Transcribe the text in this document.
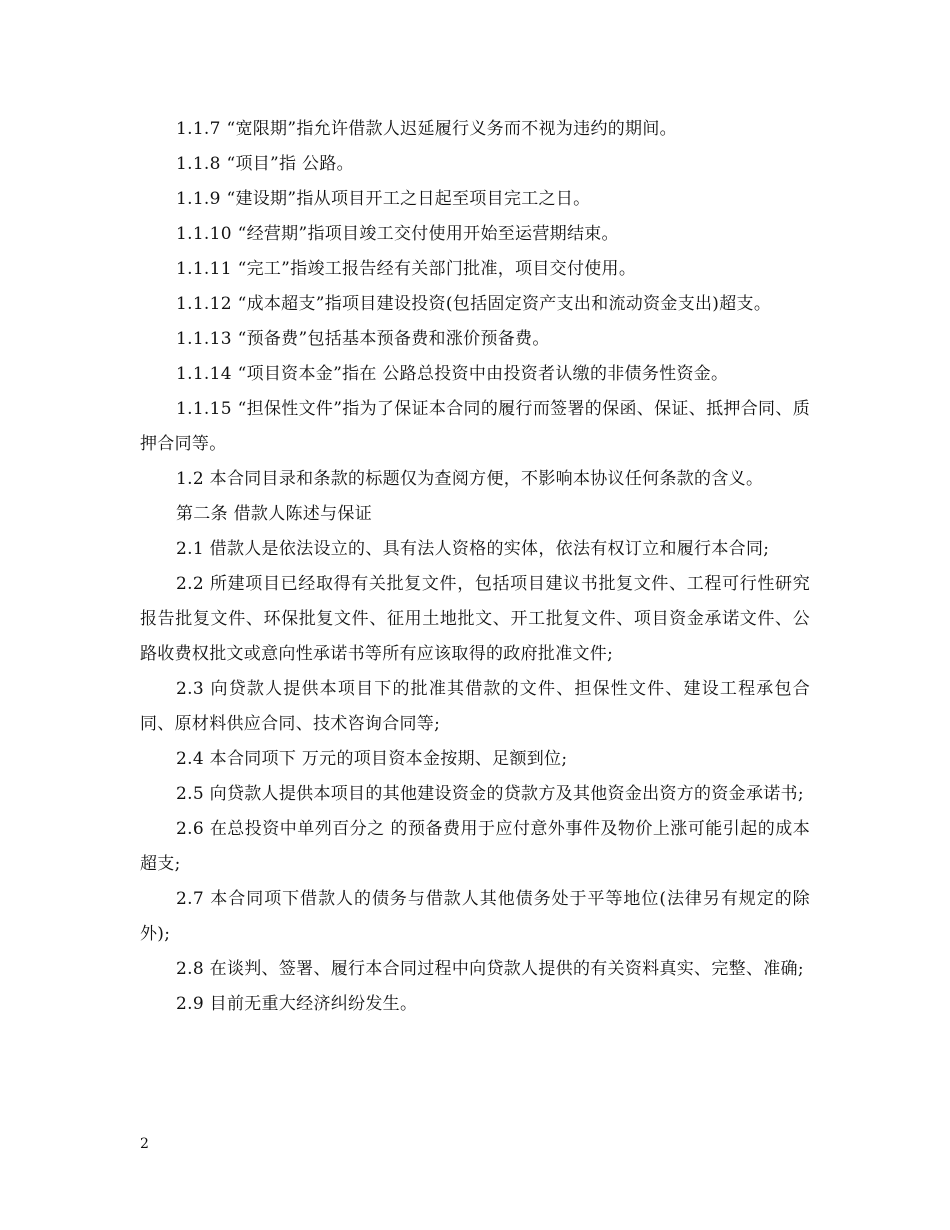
1.1.7 “宽限期”指允许借款人迟延履行义务而不视为违约的期间。

1.1.8 “项目”指 公路。

1.1.9 “建设期”指从项目开工之日起至项目完工之日。

1.1.10 “经营期”指项目竣工交付使用开始至运营期结束。

1.1.11 “完工”指竣工报告经有关部门批准，项目交付使用。

1.1.12 “成本超支”指项目建设投资(包括固定资产支出和流动资金支出)超支。

1.1.13 “预备费”包括基本预备费和涨价预备费。

1.1.14 “项目资本金”指在 公路总投资中由投资者认缴的非债务性资金。

1.1.15 “担保性文件”指为了保证本合同的履行而签署的保函、保证、抵押合同、质押合同等。

1.2 本合同目录和条款的标题仅为查阅方便，不影响本协议任何条款的含义。

第二条 借款人陈述与保证

2.1 借款人是依法设立的、具有法人资格的实体，依法有权订立和履行本合同;

2.2 所建项目已经取得有关批复文件，包括项目建议书批复文件、工程可行性研究报告批复文件、环保批复文件、征用土地批文、开工批复文件、项目资金承诺文件、公路收费权批文或意向性承诺书等所有应该取得的政府批准文件;

2.3 向贷款人提供本项目下的批准其借款的文件、担保性文件、建设工程承包合同、原材料供应合同、技术咨询合同等;

2.4 本合同项下 万元的项目资本金按期、足额到位;

2.5 向贷款人提供本项目的其他建设资金的贷款方及其他资金出资方的资金承诺书;

2.6 在总投资中单列百分之 的预备费用于应付意外事件及物价上涨可能引起的成本超支;

2.7 本合同项下借款人的债务与借款人其他债务处于平等地位(法律另有规定的除外);

2.8 在谈判、签署、履行本合同过程中向贷款人提供的有关资料真实、完整、准确;

2.9 目前无重大经济纠纷发生。

2
